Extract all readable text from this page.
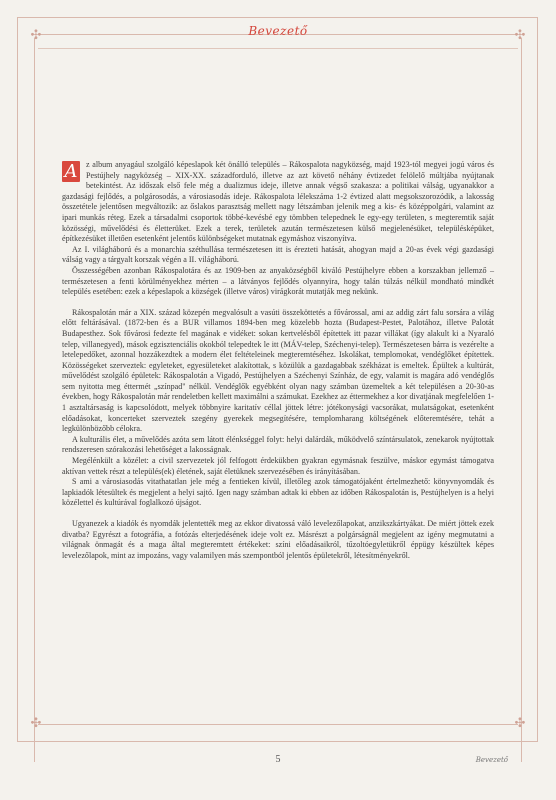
✣	✣
✣	✣
Bevezető

A	z album anyagául szolgáló képeslapok két önálló település – Rákospalota nagyközség, majd 1923-tól megyei jogú város és Pestújhely nagyközség – XIX-XX. századforduló, illetve az azt követő néhány évtizedet felölelő múltjába nyújtanak betekintést. Az időszak első fele még a dualizmus ideje, illetve annak végső szakasza: a politikai válság, ugyanakkor a gazdasági fejlődés, a polgárosodás, a városiasodás ideje. Rákospalota lélekszáma 1-2 évtized alatt megsokszorozódik, a lakosság összetétele jelentősen megváltozik: az őslakos parasztság mellett nagy létszámban jelenik meg a kis- és középpolgári, valamint az ipari munkás réteg. Ezek a társadalmi csoportok többé-kevésbé egy tömbben telepednek le egy-egy területen, s megteremtik saját közösségi, művelődési és életterüket. Ezek a terek, területek azután természetesen külső megjelenésüket, településképüket, építkezésüket illetően esetenként jelentős különbségeket mutatnak egymáshoz viszonyítva.

Az I. világháború és a monarchia széthullása természetesen itt is érezteti hatását, ahogyan majd a 20-as évek végi gazdasági válság vagy a tárgyalt korszak végén a II. világháború.

Összességében azonban Rákospalotára és az 1909-ben az anyaközségből kiváló Pestújhelyre ebben a korszakban jellemző – természetesen a fenti körülményekhez mérten – a látványos fejlődés olyannyira, hogy talán túlzás nélkül mondható mindkét település esetében: ezek a képeslapok a községek (illetve város) virágkorát mutatják meg nekünk.

Rákospalotán már a XIX. század közepén megvalósult a vasúti összeköttetés a fővárossal, ami az addig zárt falu sorsára a világ előtt feltárásával. (1872-ben és a BUR villamos 1894-ben meg közelebb hozta (Budapest-Pestet, Palotához, illetve Palotát Budapesthez. Sok fővárosi fedezte fel magának e vidéket: sokan kertvelésből építettek itt pazar villákat (így alakult ki a Nyaraló telep, villanegyed), mások egzisztenciális okokból telepedtek le itt (MÁV-telep, Széchenyi-telep). Természetesen bárra is vezérelte a letelepedőket, azonnal hozzákezdtek a modern élet feltételeinek megteremtéséhez. Iskolákat, templomokat, vendéglőket építettek. Közösségeket szerveztek: egyleteket, egyesületeket alakítottak, s közülük a gazdagabbak székházat is emeltek. Épültek a kultúrát, művelődést szolgáló épületek: Rákospalotán a Vigadó, Pestújhelyen a Széchenyi Színház, de egy, valamit is magára adó vendéglős sem nyitotta meg éttermét „színpad" nélkül. Vendéglők egyébként olyan nagy számban üzemeltek a két településen a 20-30-as években, hogy Rákospalotán már rendeletben kellett maximálni a számukat. Ezekhez az éttermekhez a kor divatjának megfelelően 1-1 asztaltársaság is kapcsolódott, melyek többnyire karitatív céllal jöttek létre: jótékonysági vacsorákat, mulatságokat, esetenként előadásokat, koncerteket szerveztek szegény gyerekek megsegítésére, templomharang költségének előteremtésére, tehát a legkülönbözőbb célokra.

A kulturális élet, a művelődés azóta sem látott élénkséggel folyt: helyi dalárdák, működvelő színtársulatok, zenekarok nyújtottak rendszeresen szórakozási lehetőséget a lakosságnak.

Megélénkült a közélet: a civil szervezetek jól felfogott érdekükben gyakran egymásnak feszülve, máskor egymást támogatva aktívan vettek részt a település(ek) életének, saját életüknek szervezésében és irányításában.

S ami a városiasodás vitathatatlan jele még a fentieken kívül, illetőleg azok támogatójaként értelmezhető: könyvnyomdák és lapkiadók létesültek és megjelent a helyi sajtó. Igen nagy számban adtak ki ebben az időben Rákospalotán is, Pestújhelyen is a helyi közélettel és kultúrával foglalkozó újságot.

Ugyanezek a kiadók és nyomdák jelentették meg az ekkor divatossá váló levelezőlapokat, anzikszkártyákat. De miért jöttek ezek divatba? Egyrészt a fotográfia, a fotózás elterjedésének ideje volt ez. Másrészt a polgárságnál megjelent az igény megmutatni a világnak önmagát és a maga által megteremtett értékeket: színi előadásaikról, tűzoltóegyletükről éppügy készültek képes levelezőlapok, mint az impozáns, vagy valamilyen más szempontból jelentős épületekről, létesítményekről.

5	Bevezető
